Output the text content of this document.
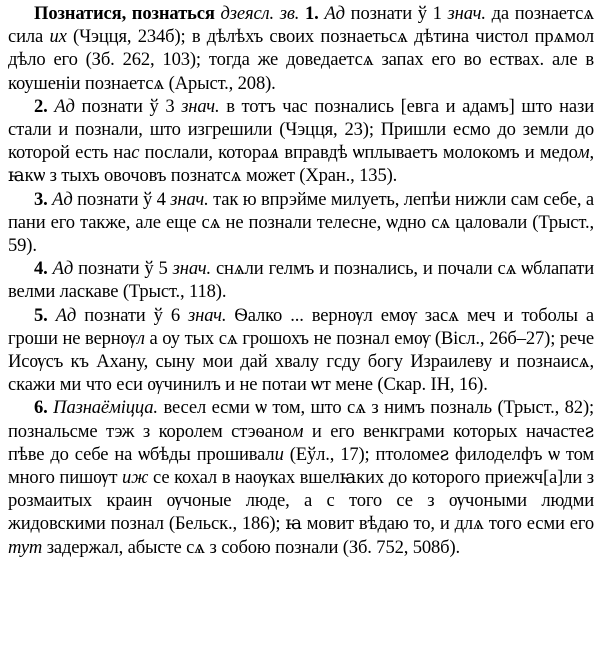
Познатися, познаться дзеясл. зв. 1. Ад познати ў 1 знач. да познаетсѧ сила их (Чэцця, 234б); в дѣлѣхъ своих познаетьсѧ дѣтина чистол прѧмол дѣло его (Зб. 262, 103); тогда же доведаетсѧ запах его во ествах. але в коушенiи познаетсѧ (Арыст., 208).

2. Ад познати ў 3 знач. в тотъ час познались [евга и адамъ] што нази стали и познали, што изгрешили (Чэцця, 23); Пришли есмо до земли до которой есть нас послали, котораѧ вправдѣ ѡплываетъ молокомъ и медом, ꙗкѡ з тыхъ овочовъ познатсѧ может (Хран., 135).

3. Ад познати ў 4 знач. так ю впрэйме милуеть, лепѣи нижли сам себе, а пани его также, але еще сѧ не познали телесне, ѡдно сѧ цаловали (Трыст., 59).

4. Ад познати ў 5 знач. снѧли гелмъ и познались, и почали сѧ ѡблапати велми ласкаве (Трыст., 118).

5. Ад познати ў 6 знач. Ѳалко ... вернѹл емѹ засѧ меч и тоболы а гроши не вернѹл а оу тых сѧ грошохъ не познал емѹ (Віcл., 26б–27); рече Исѹсъ къ Ахану, сыну мои дай хвалу гсду богу Израилеву и познаисѧ, скажи ми что еси ѹчинилъ и не потаи ѡт мене (Скар. IН, 16).

6. Пазнаёміцца. весел есми ѡ том, што сѧ з нимъ позналь (Трыст., 82); познальсме тэж з королем стэѳаном и его венкграми которых начастеꙅ пѣве до себе на ѡбѣды прошивали (Еўл., 17); птоломеꙅ филоделфъ ѡ том много пишѹт иж се кохал в наѹках вшелꙗких до которого приежч[а]ли з розмаитых краин ѹчоные люде, а с того се з ѹчоными людми жидовскими познал (Бельск., 186); ꙗ мовит вѣдаю то, и длѧ того есми его тут задержал, абысте сѧ з собою познали (Зб. 752, 508б).
